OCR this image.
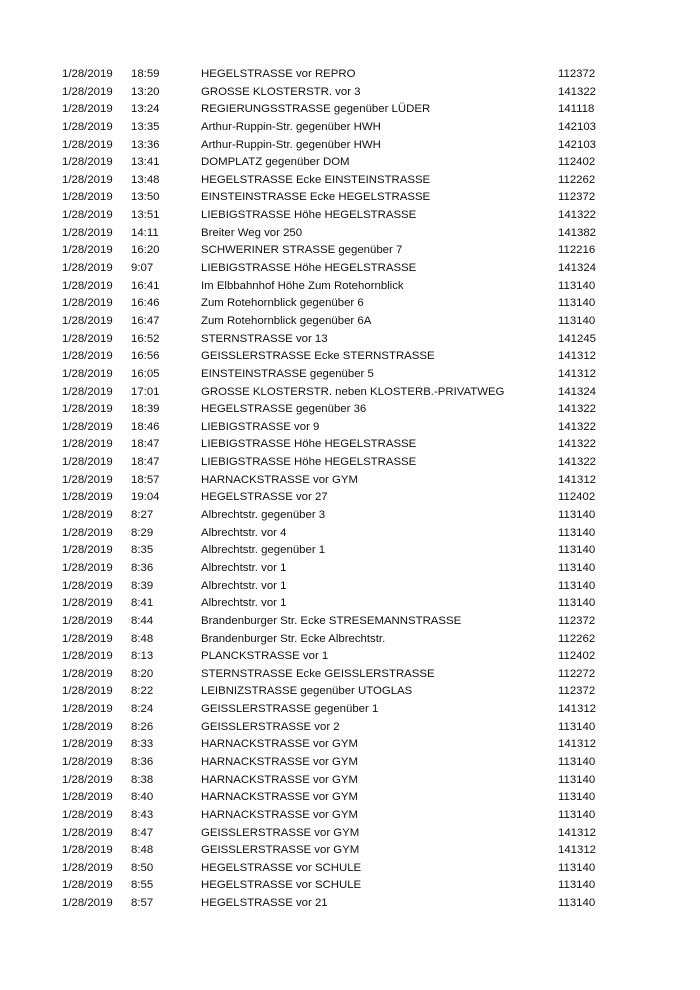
1/28/2019 18:59	HEGELSTRASSE vor REPRO	112372
1/28/2019 13:20	GROSSE KLOSTERSTR. vor 3	141322
1/28/2019 13:24	REGIERUNGSSTRASSE gegenüber LÜDER	141118
1/28/2019 13:35	Arthur-Ruppin-Str. gegenüber HWH	142103
1/28/2019 13:36	Arthur-Ruppin-Str. gegenüber HWH	142103
1/28/2019 13:41	DOMPLATZ gegenüber DOM	112402
1/28/2019 13:48	HEGELSTRASSE Ecke EINSTEINSTRASSE	112262
1/28/2019 13:50	EINSTEINSTRASSE Ecke HEGELSTRASSE	112372
1/28/2019 13:51	LIEBIGSTRASSE Höhe HEGELSTRASSE	141322
1/28/2019 14:11	Breiter Weg vor 250	141382
1/28/2019 16:20	SCHWERINER STRASSE gegenüber 7	112216
1/28/2019 9:07	LIEBIGSTRASSE Höhe HEGELSTRASSE	141324
1/28/2019 16:41	Im Elbbahnhof Höhe Zum Rotehornblick	113140
1/28/2019 16:46	Zum Rotehornblick gegenüber 6	113140
1/28/2019 16:47	Zum Rotehornblick gegenüber 6A	113140
1/28/2019 16:52	STERNSTRASSE vor 13	141245
1/28/2019 16:56	GEISSLERSTRASSE Ecke STERNSTRASSE	141312
1/28/2019 16:05	EINSTEINSTRASSE gegenüber 5	141312
1/28/2019 17:01	GROSSE KLOSTERSTR. neben KLOSTERB.-PRIVATWEG	141324
1/28/2019 18:39	HEGELSTRASSE gegenüber 36	141322
1/28/2019 18:46	LIEBIGSTRASSE vor 9	141322
1/28/2019 18:47	LIEBIGSTRASSE Höhe HEGELSTRASSE	141322
1/28/2019 18:47	LIEBIGSTRASSE Höhe HEGELSTRASSE	141322
1/28/2019 18:57	HARNACKSTRASSE vor GYM	141312
1/28/2019 19:04	HEGELSTRASSE vor 27	112402
1/28/2019 8:27	Albrechtstr. gegenüber 3	113140
1/28/2019 8:29	Albrechtstr. vor 4	113140
1/28/2019 8:35	Albrechtstr. gegenüber 1	113140
1/28/2019 8:36	Albrechtstr. vor 1	113140
1/28/2019 8:39	Albrechtstr. vor 1	113140
1/28/2019 8:41	Albrechtstr. vor 1	113140
1/28/2019 8:44	Brandenburger Str. Ecke STRESEMANNSTRASSE	112372
1/28/2019 8:48	Brandenburger Str. Ecke Albrechtstr.	112262
1/28/2019 8:13	PLANCKSTRASSE vor 1	112402
1/28/2019 8:20	STERNSTRASSE Ecke GEISSLERSTRASSE	112272
1/28/2019 8:22	LEIBNIZSTRASSE gegenüber UTOGLAS	112372
1/28/2019 8:24	GEISSLERSTRASSE gegenüber 1	141312
1/28/2019 8:26	GEISSLERSTRASSE vor 2	113140
1/28/2019 8:33	HARNACKSTRASSE vor GYM	141312
1/28/2019 8:36	HARNACKSTRASSE vor GYM	113140
1/28/2019 8:38	HARNACKSTRASSE vor GYM	113140
1/28/2019 8:40	HARNACKSTRASSE vor GYM	113140
1/28/2019 8:43	HARNACKSTRASSE vor GYM	113140
1/28/2019 8:47	GEISSLERSTRASSE vor GYM	141312
1/28/2019 8:48	GEISSLERSTRASSE vor GYM	141312
1/28/2019 8:50	HEGELSTRASSE vor SCHULE	113140
1/28/2019 8:55	HEGELSTRASSE vor SCHULE	113140
1/28/2019 8:57	HEGELSTRASSE vor 21	113140
